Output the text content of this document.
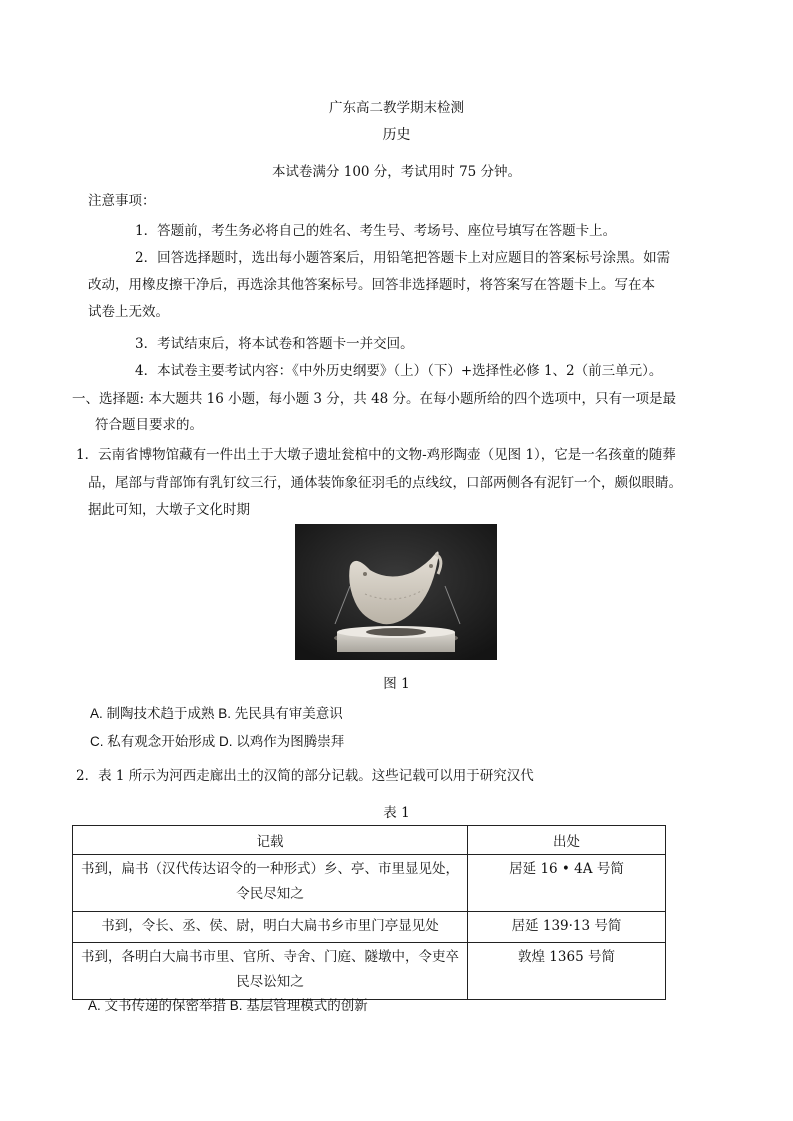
广东高二教学期末检测
历史
本试卷满分 100 分，考试用时 75 分钟。
注意事项：
1．答题前，考生务必将自己的姓名、考生号、考场号、座位号填写在答题卡上。
2．回答选择题时，选出每小题答案后，用铅笔把答题卡上对应题目的答案标号涂黑。如需
改动，用橡皮擦干净后，再选涂其他答案标号。回答非选择题时，将答案写在答题卡上。写在本
试卷上无效。
3．考试结束后，将本试卷和答题卡一并交回。
4．本试卷主要考试内容：《中外历史纲要》（上）（下）+选择性必修 1、2（前三单元）。
一、选择题: 本大题共 16 小题，每小题 3 分，共 48 分。在每小题所给的四个选项中，只有一项是最
符合题目要求的。
1．云南省博物馆藏有一件出土于大墩子遗址瓮棺中的文物-鸡形陶壶（见图 1），它是一名孩童的随葬
品，尾部与背部饰有乳钉纹三行，通体装饰象征羽毛的点线纹，口部两侧各有泥钉一个，颇似眼睛。
据此可知，大墩子文化时期
图 1
A. 制陶技术趋于成熟 B. 先民具有审美意识
C. 私有观念开始形成 D. 以鸡作为图腾崇拜
2．表 1 所示为河西走廊出土的汉简的部分记载。这些记载可以用于研究汉代
表 1
记载	出处
书到，扁书（汉代传达诏令的一种形式）乡、亭、市里显见处，令民尽知之	居延 16 • 4A 号简
书到，令长、丞、侯、尉，明白大扁书乡市里门亭显见处	居延 139·13 号简
书到，各明白大扁书市里、官所、寺舍、门庭、隧墩中，令吏卒民尽讼知之	敦煌 1365 号简
A. 文书传递的保密举措 B. 基层管理模式的创新
